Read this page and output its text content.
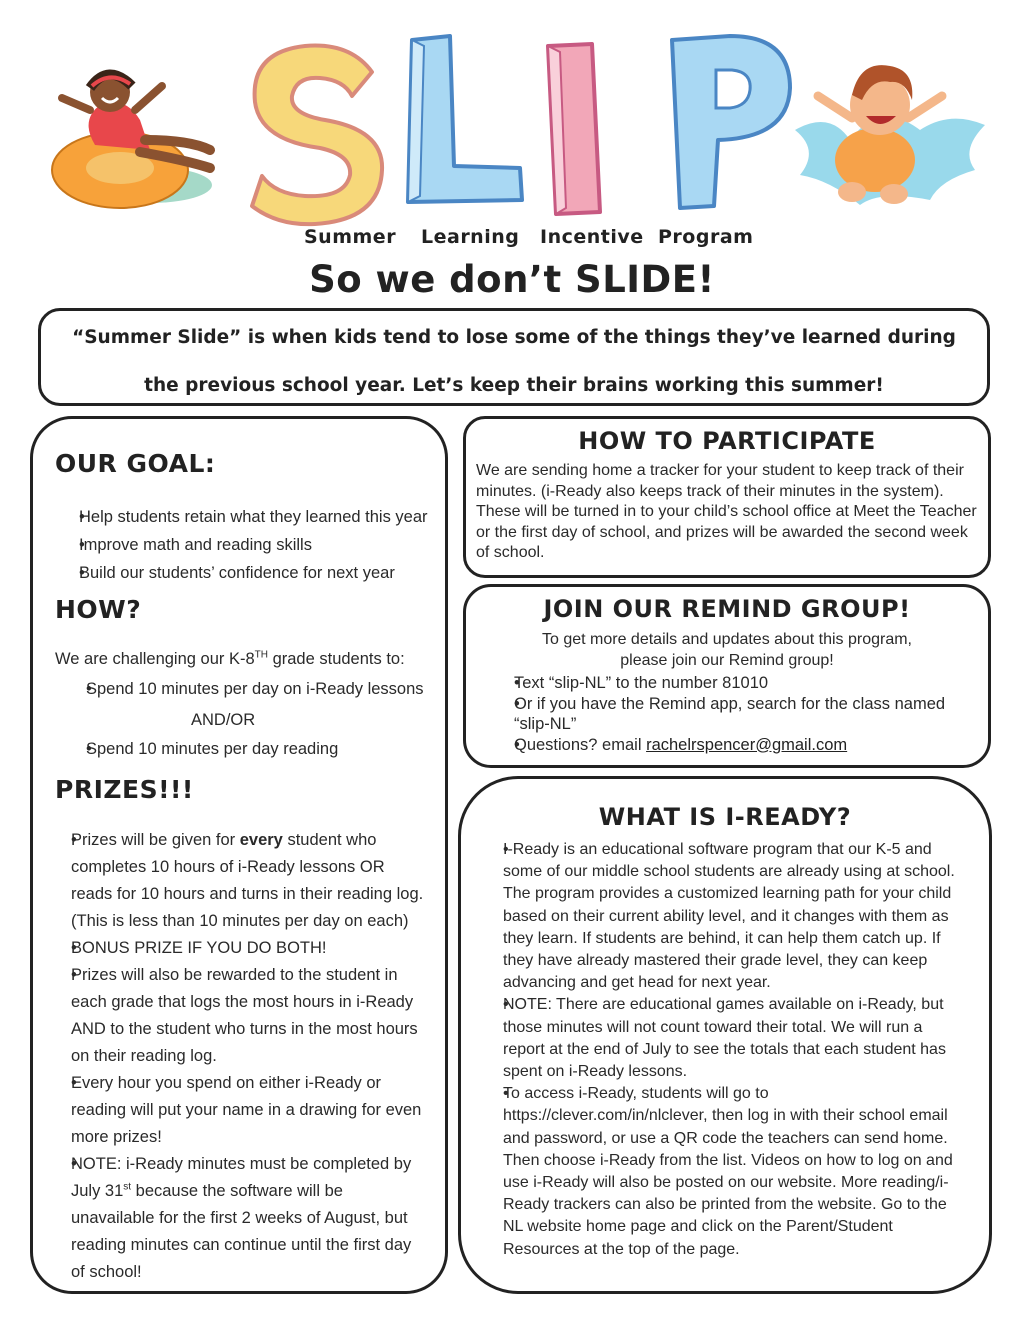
Summer Learning Incentive Program
So we don’t SLIDE!

“Summer Slide” is when kids tend to lose some of the things they’ve learned during

the previous school year. Let’s keep their brains working this summer!

OUR GOAL:
• Help students retain what they learned this year
• Improve math and reading skills
• Build our students’ confidence for next year
HOW?
We are challenging our K-8TH grade students to:
• Spend 10 minutes per day on i-Ready lessons
AND/OR
• Spend 10 minutes per day reading
PRIZES!!!
• Prizes will be given for every student who completes 10 hours of i-Ready lessons OR reads for 10 hours and turns in their reading log. (This is less than 10 minutes per day on each)
• BONUS PRIZE IF YOU DO BOTH!
• Prizes will also be rewarded to the student in each grade that logs the most hours in i-Ready AND to the student who turns in the most hours on their reading log.
• Every hour you spend on either i-Ready or reading will put your name in a drawing for even more prizes!
• NOTE: i-Ready minutes must be completed by July 31st because the software will be unavailable for the first 2 weeks of August, but reading minutes can continue until the first day of school!
HOW TO PARTICIPATE
We are sending home a tracker for your student to keep track of their minutes. (i-Ready also keeps track of their minutes in the system). These will be turned in to your child’s school office at Meet the Teacher or the first day of school, and prizes will be awarded the second week of school.
JOIN OUR REMIND GROUP!
To get more details and updates about this program,
please join our Remind group!
• Text “slip-NL” to the number 81010
• Or if you have the Remind app, search for the class named “slip-NL”
• Questions? email rachelrspencer@gmail.com
WHAT IS I-READY?
• I-Ready is an educational software program that our K-5 and some of our middle school students are already using at school. The program provides a customized learning path for your child based on their current ability level, and it changes with them as they learn. If students are behind, it can help them catch up. If they have already mastered their grade level, they can keep advancing and get head for next year.
• NOTE: There are educational games available on i-Ready, but those minutes will not count toward their total. We will run a report at the end of July to see the totals that each student has spent on i-Ready lessons.
• To access i-Ready, students will go to https://clever.com/in/nlclever, then log in with their school email and password, or use a QR code the teachers can send home. Then choose i-Ready from the list. Videos on how to log on and use i-Ready will also be posted on our website. More reading/i-Ready trackers can also be printed from the website. Go to the NL website home page and click on the Parent/Student Resources at the top of the page.
